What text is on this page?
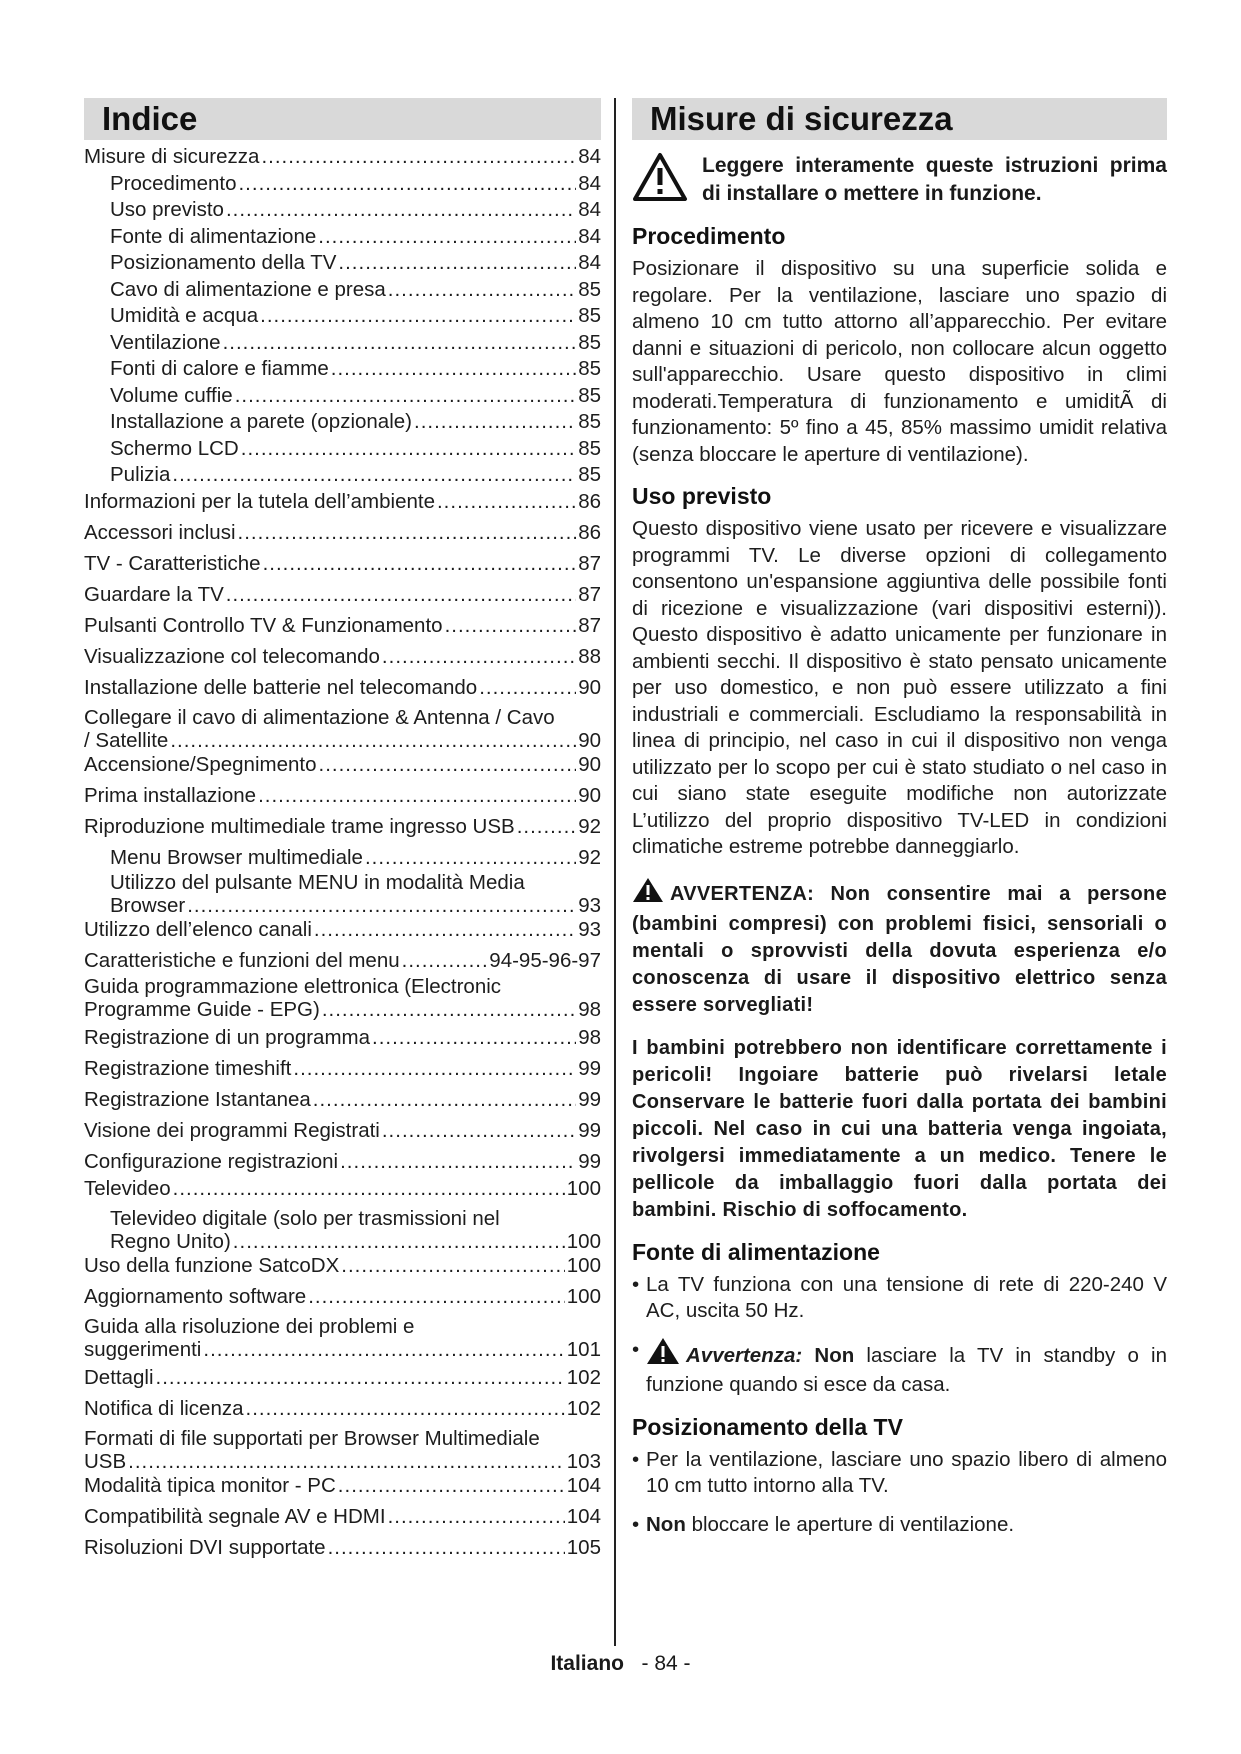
Indice
Misure di sicurezza .....	84
Procedimento .....	84
Uso previsto .....	84
Fonte di alimentazione .....	84
Posizionamento della TV .....	84
Cavo di alimentazione e presa .....	85
Umidità e acqua .....	85
Ventilazione .....	85
Fonti di calore e fiamme .....	85
Volume cuffie .....	85
Installazione a parete (opzionale) .....	85
Schermo LCD .....	85
Pulizia .....	85
Informazioni per la tutela dell’ambiente .....	86
Accessori inclusi .....	86
TV - Caratteristiche .....	87
Guardare la TV .....	87
Pulsanti Controllo TV & Funzionamento .....	87
Visualizzazione col telecomando .....	88
Installazione delle batterie nel telecomando .....	90
Collegare il cavo di alimentazione & Antenna / Cavo
/ Satellite .....	90
Accensione/Spegnimento .....	90
Prima installazione .....	90
Riproduzione multimediale trame ingresso USB .....	92
Menu Browser multimediale .....	92
Utilizzo del pulsante MENU in modalità Media
Browser .....	93
Utilizzo dell’elenco canali .....	93
Caratteristiche e funzioni del menu .....	94-95-96-97
Guida programmazione elettronica (Electronic
Programme Guide - EPG) .....	98
Registrazione di un programma .....	98
Registrazione timeshift .....	99
Registrazione Istantanea .....	99
Visione dei programmi Registrati .....	99
Configurazione registrazioni .....	99
Televideo .....	100
Televideo digitale (solo per trasmissioni nel
Regno Unito) .....	100
Uso della funzione SatcoDX .....	100
Aggiornamento software .....	100
Guida alla risoluzione dei problemi e
suggerimenti .....	101
Dettagli .....	102
Notifica di licenza .....	102
Formati di file supportati per Browser Multimediale
USB .....	103
Modalità tipica monitor - PC .....	104
Compatibilità segnale AV e HDMI .....	104
Risoluzioni DVI supportate .....	105
Misure di sicurezza
Leggere interamente queste istruzioni prima di installare o mettere in funzione.
Procedimento

Posizionare il dispositivo su una superficie solida e regolare. Per la ventilazione, lasciare uno spazio di almeno 10 cm tutto attorno all’apparecchio. Per evitare danni e situazioni di pericolo, non collocare alcun oggetto sull'apparecchio. Usare questo dispositivo in climi moderati.Temperatura di funzionamento e umiditÃ di funzionamento: 5º fino a 45, 85% massimo umidit relativa (senza bloccare le aperture di ventilazione).

Uso previsto

Questo dispositivo viene usato per ricevere e visualizzare programmi TV. Le diverse opzioni di collegamento consentono un'espansione aggiuntiva delle possibile fonti di ricezione e visualizzazione (vari dispositivi esterni)). Questo dispositivo è adatto unicamente per funzionare in ambienti secchi. Il dispositivo è stato pensato unicamente per uso domestico, e non può essere utilizzato a fini industriali e commerciali. Escludiamo la responsabilità in linea di principio, nel caso in cui il dispositivo non venga utilizzato per lo scopo per cui è stato studiato o nel caso in cui siano state eseguite modifiche non autorizzate L’utilizzo del proprio dispositivo TV-LED in condizioni climatiche estreme potrebbe danneggiarlo.

AVVERTENZA: Non consentire mai a persone (bambini compresi) con problemi fisici, sensoriali o mentali o sprovvisti della dovuta esperienza e/o conoscenza di usare il dispositivo elettrico senza essere sorvegliati!

I bambini potrebbero non identificare correttamente i pericoli! Ingoiare batterie può rivelarsi letale Conservare le batterie fuori dalla portata dei bambini piccoli. Nel caso in cui una batteria venga ingoiata, rivolgersi immediatamente a un medico. Tenere le pellicole da imballaggio fuori dalla portata dei bambini. Rischio di soffocamento.

Fonte di alimentazione
• La TV funziona con una tensione di rete di 220-240 V AC, uscita 50 Hz.
•	Avvertenza: Non lasciare la TV in standby o in funzione quando si esce da casa.
Posizionamento della TV
• Per la ventilazione, lasciare uno spazio libero di almeno 10 cm tutto intorno alla TV.
• Non bloccare le aperture di ventilazione.
Italiano - 84 -
